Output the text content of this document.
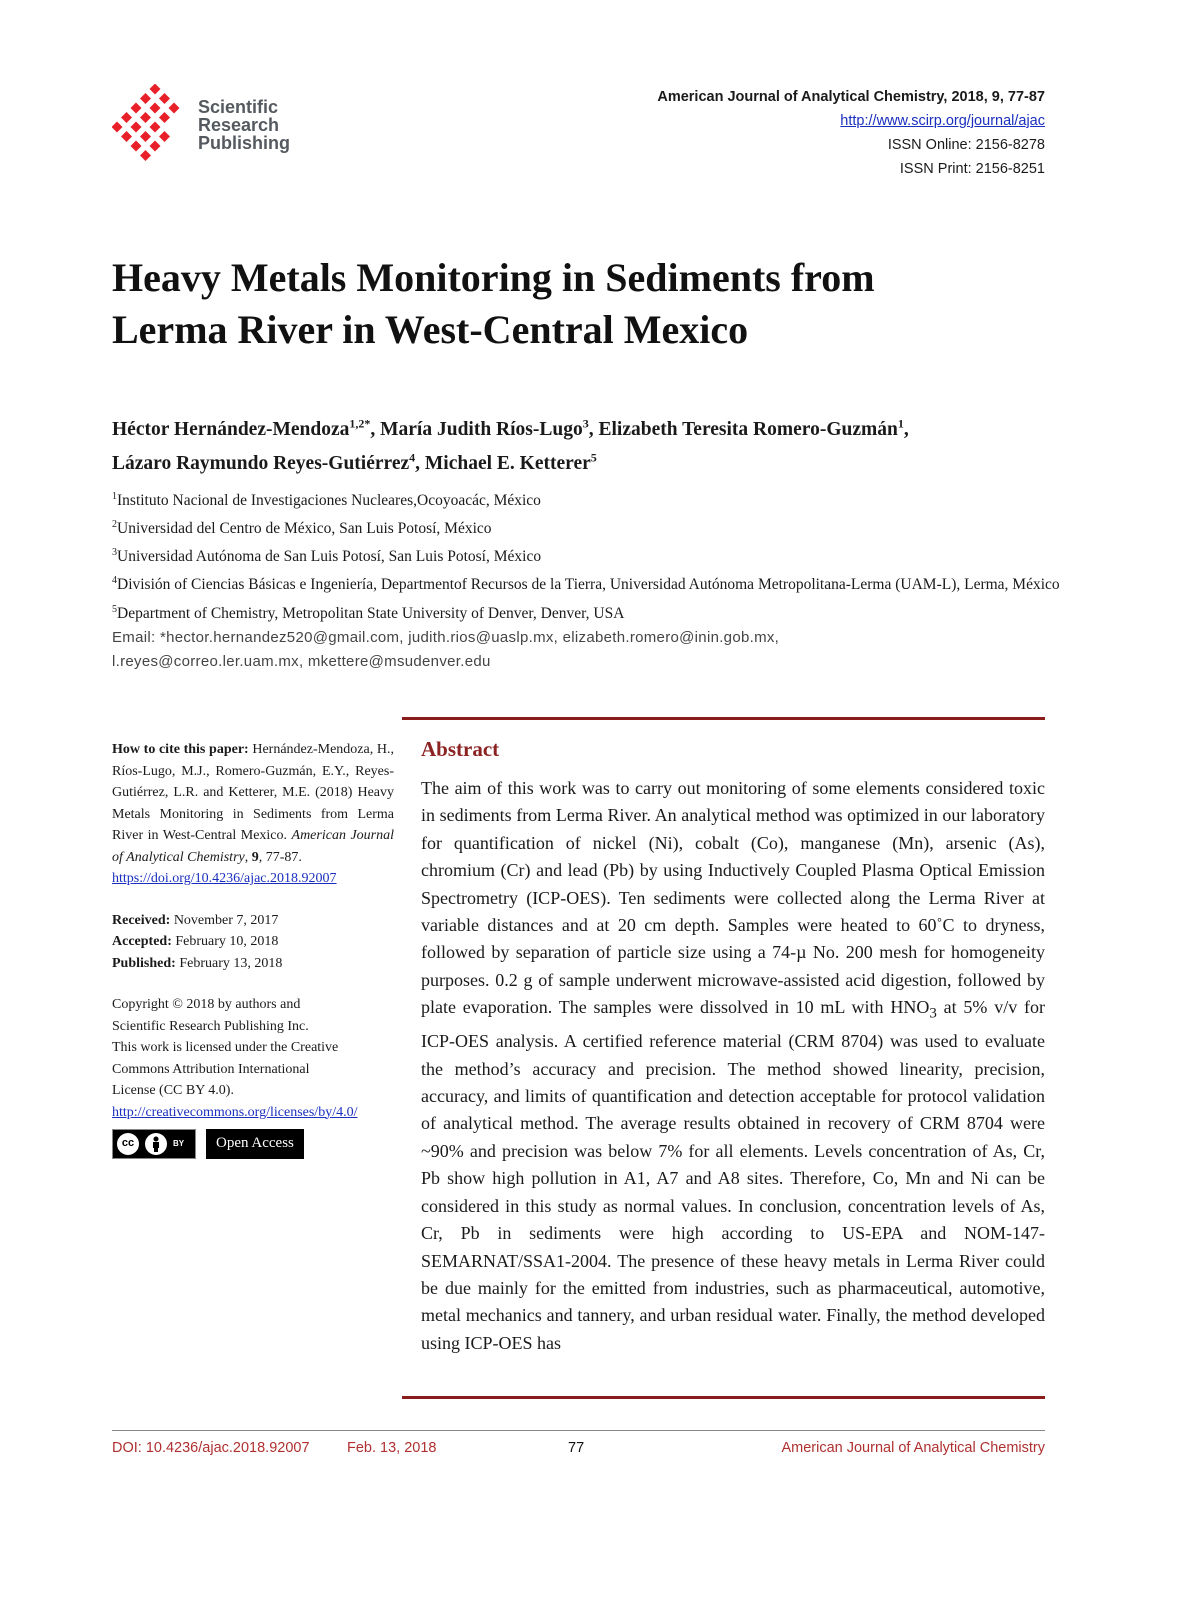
Scientific
Research
Publishing
American Journal of Analytical Chemistry, 2018, 9, 77-87
http://www.scirp.org/journal/ajac
ISSN Online: 2156-8278
ISSN Print: 2156-8251
Heavy Metals Monitoring in Sediments from
Lerma River in West-Central Mexico
Héctor Hernández-Mendoza$^{1,2*}$, María Judith Ríos-Lugo$^3$, Elizabeth Teresita Romero-Guzmán$^1$,
Lázaro Raymundo Reyes-Gutiérrez$^4$, Michael E. Ketterer$^5$

$^1$Instituto Nacional de Investigaciones Nucleares,Ocoyoacác, México

$^2$Universidad del Centro de México, San Luis Potosí, México

$^3$Universidad Autónoma de San Luis Potosí, San Luis Potosí, México

$^4$División of Ciencias Básicas e Ingeniería, Departmentof Recursos de la Tierra, Universidad Autónoma Metropolitana-Lerma (UAM-L), Lerma, México

$^5$Department of Chemistry, Metropolitan State University of Denver, Denver, USA

Email: *hector.hernandez520@gmail.com, judith.rios@uaslp.mx, elizabeth.romero@inin.gob.mx,

l.reyes@correo.ler.uam.mx, mkettere@msudenver.edu

How to cite this paper: Hernández-Mendoza, H., Ríos-Lugo, M.J., Romero-Guzmán, E.Y., Reyes-Gutiérrez, L.R. and Ketterer, M.E. (2018) Heavy Metals Monitoring in Sediments from Lerma River in West-Central Mexico. American Journal of Analytical Chemistry, 9, 77-87.
https://doi.org/10.4236/ajac.2018.92007

Received: November 7, 2017

Accepted: February 10, 2018

Published: February 13, 2018

Copyright © 2018 by authors and

Scientific Research Publishing Inc.

This work is licensed under the Creative

Commons Attribution International

License (CC BY 4.0).

http://creativecommons.org/licenses/by/4.0/

cc	BY	Open Access
Abstract

The aim of this work was to carry out monitoring of some elements considered toxic in sediments from Lerma River. An analytical method was optimized in our laboratory for quantification of nickel (Ni), cobalt (Co), manganese (Mn), arsenic (As), chromium (Cr) and lead (Pb) by using Inductively Coupled Plasma Optical Emission Spectrometry (ICP-OES). Ten sediments were collected along the Lerma River at variable distances and at 20 cm depth. Samples were heated to 60˚C to dryness, followed by separation of particle size using a 74-µ No. 200 mesh for homogeneity purposes. 0.2 g of sample underwent microwave-assisted acid digestion, followed by plate evaporation. The samples were dissolved in 10 mL with $HNO_3$ at 5% v/v for ICP-OES analysis. A certified reference material (CRM 8704) was used to evaluate the method’s accuracy and precision. The method showed linearity, precision, accuracy, and limits of quantification and detection acceptable for protocol validation of analytical method. The average results obtained in recovery of CRM 8704 were ~90% and precision was below 7% for all elements. Levels concentration of As, Cr, Pb show high pollution in A1, A7 and A8 sites. Therefore, Co, Mn and Ni can be considered in this study as normal values. In conclusion, concentration levels of As, Cr, Pb in sediments were high according to US-EPA and NOM-147-SEMARNAT/SSA1-2004. The presence of these heavy metals in Lerma River could be due mainly for the emitted from industries, such as pharmaceutical, automotive, metal mechanics and tannery, and urban residual water. Finally, the method developed using ICP-OES has

DOI: 10.4236/ajac.2018.92007	Feb. 13, 2018	77	American Journal of Analytical Chemistry
